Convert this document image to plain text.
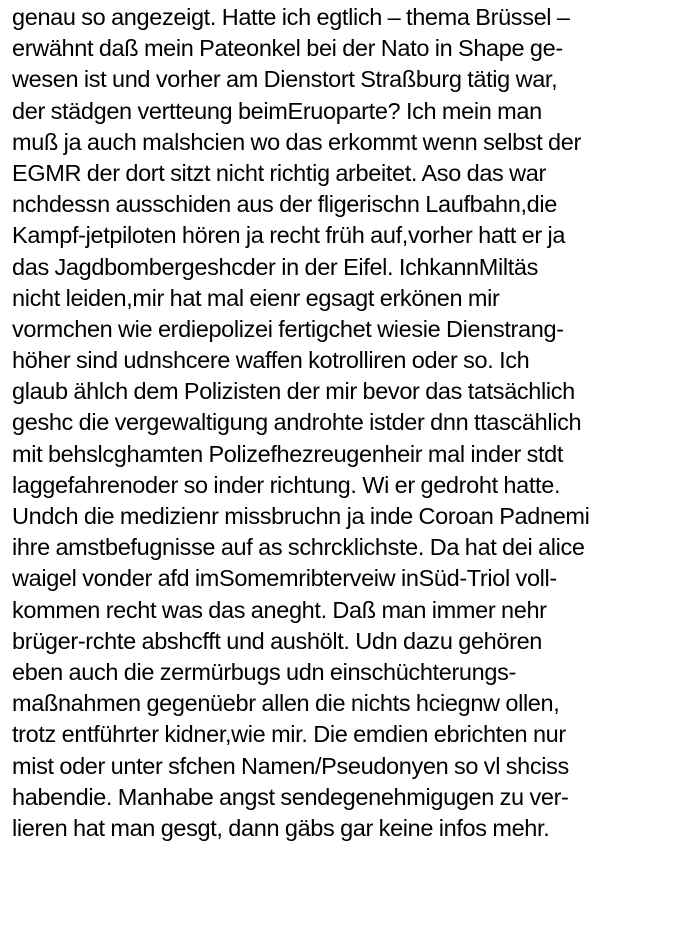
genau so angezeigt. Hatte ich egtlich – thema Brüssel –
erwähnt daß mein Pateonkel bei der Nato in Shape ge-
wesen ist und vorher am Dienstort Straßburg tätig war,
der städgen vertteung beimEruoparte? Ich mein man
muß ja auch malshcien wo das erkommt wenn selbst der
EGMR der dort sitzt nicht richtig arbeitet. Aso das war
nchdessn ausschiden aus der fligerischn Laufbahn,die
Kampf-jetpiloten hören ja recht früh auf,vorher hatt er ja
das Jagdbombergeshcder in der Eifel. IchkannMiltäs
nicht leiden,mir hat mal eienr egsagt erkönen mir
vormchen wie erdiepolizei fertigchet wiesie Dienstrang-
höher sind udnshcere waffen kotrolliren oder so. Ich
glaub ählch dem Polizisten der mir bevor das tatsächlich
geshc die vergewaltigung androhte istder dnn ttascählich
mit behslcghamten Polizefhezreugenheir mal inder stdt
laggefahrenoder so inder richtung. Wi er gedroht hatte.
Undch die medizienr missbruchn ja inde Coroan Padnemi
ihre amstbefugnisse auf as schrcklichste. Da hat dei alice
waigel vonder afd imSomemribterveiw inSüd-Triol voll-
kommen recht was das aneght. Daß man immer nehr
brüger-rchte abshcfft und aushölt. Udn dazu gehören
eben auch die zermürbugs udn einschüchterungs-
maßnahmen gegenüebr allen die nichts hciegnw ollen,
trotz entführter kidner,wie mir. Die emdien ebrichten nur
mist oder unter sfchen Namen/Pseudonyen so vl shciss
habendie. Manhabe angst sendegenehmigugen zu ver-
lieren hat man gesgt, dann gäbs gar keine infos mehr.
